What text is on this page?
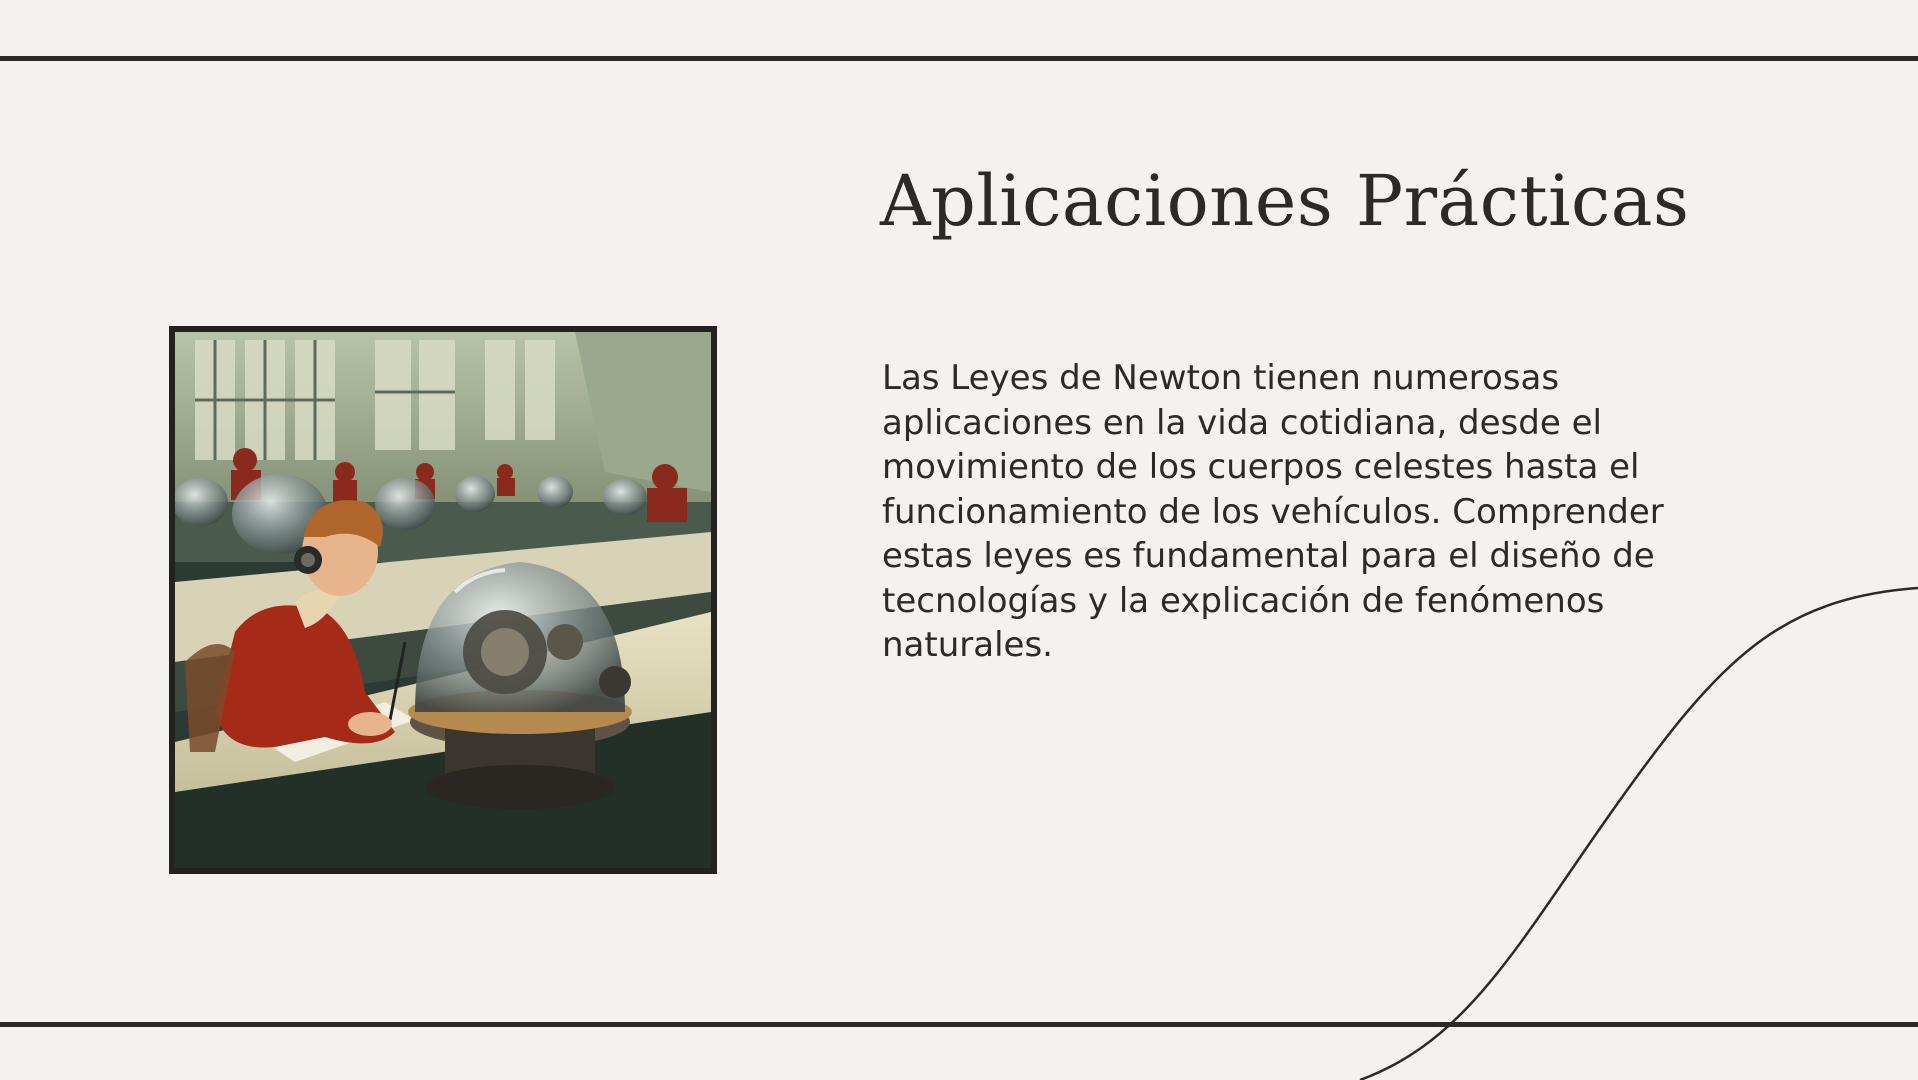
Aplicaciones Prácticas

Las Leyes de Newton tienen numerosas aplicaciones en la vida cotidiana, desde el movimiento de los cuerpos celestes hasta el funcionamiento de los vehículos. Comprender estas leyes es fundamental para el diseño de tecnologías y la explicación de fenómenos naturales.
